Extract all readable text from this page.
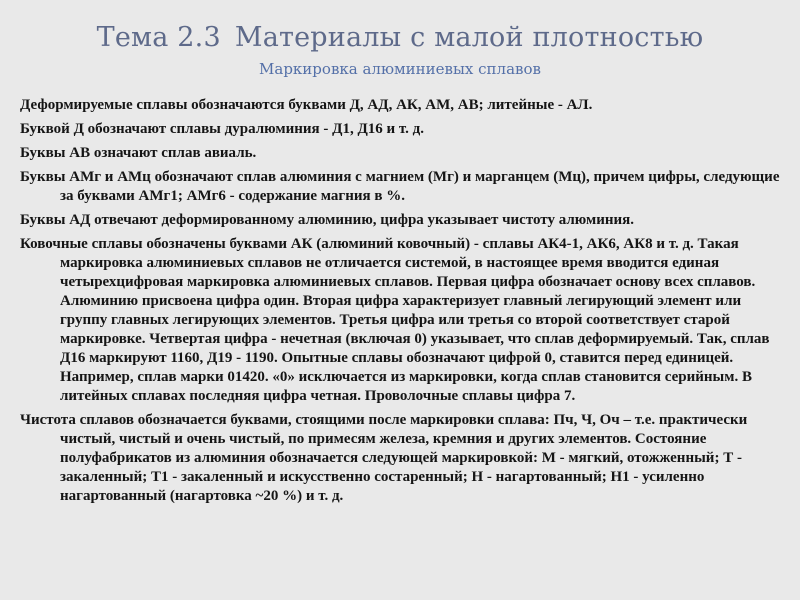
Тема 2.3 Материалы с малой плотностью
Маркировка алюминиевых сплавов

Деформируемые сплавы обозначаются буквами Д, АД, АК, АМ, АВ; литейные - АЛ.

Буквой Д обозначают сплавы дуралюминия - Д1, Д16 и т. д.

Буквы АВ означают сплав авиаль.

Буквы АМг и АМц обозначают сплав алюминия с магнием (Мг) и марганцем (Мц), причем цифры, следующие за буквами АМг1; АМг6 - содержание магния в %.

Буквы АД отвечают деформированному алюминию, цифра указывает чистоту алюминия.

Ковочные сплавы обозначены буквами АК (алюминий ковочный) - сплавы АК4-1, АК6, АК8 и т. д. Такая маркировка алюминиевых сплавов не отличается системой, в настоящее время вводится единая четырехцифровая маркировка алюминиевых сплавов. Первая цифра обозначает основу всех сплавов. Алюминию присвоена цифра один. Вторая цифра характеризует главный легирующий элемент или группу главных легирующих элементов. Третья цифра или третья со второй соответствует старой маркировке. Четвертая цифра - нечетная (включая 0) указывает, что сплав деформируемый. Так, сплав Д16 маркируют 1160, Д19 - 1190. Опытные сплавы обозначают цифрой 0, ставится перед единицей. Например, сплав марки 01420. «0» исключается из маркировки, когда сплав становится серийным. В литейных сплавах последняя цифра четная. Проволочные сплавы цифра 7.

Чистота сплавов обозначается буквами, стоящими после маркировки сплава: Пч, Ч, Оч – т.е. практически чистый, чистый и очень чистый, по примесям железа, кремния и других элементов. Состояние полуфабрикатов из алюминия обозначается следующей маркировкой: М - мягкий, отожженный; Т - закаленный; Т1 - закаленный и искусственно состаренный; Н - нагартованный; Н1 - усиленно нагартованный (нагартовка ~20 %) и т. д.
